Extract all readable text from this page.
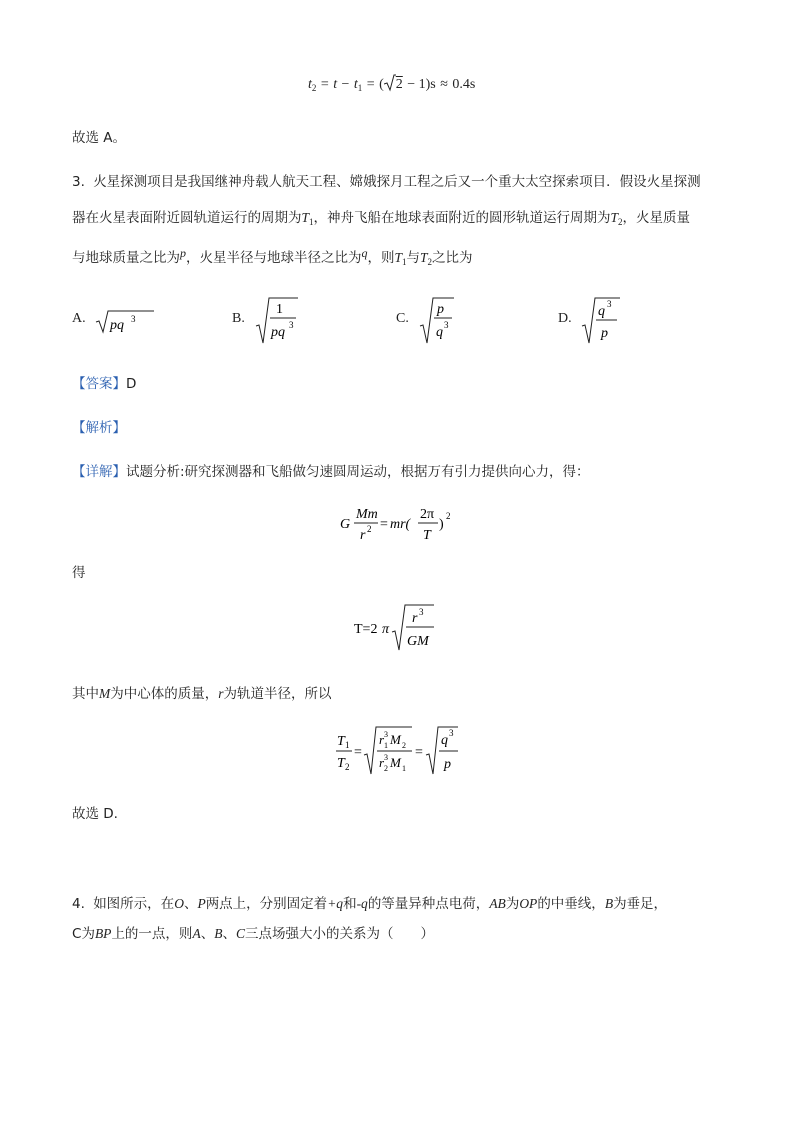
$t_2 = t - t_1$ = ( 2 − 1)s ≈ 0.4s
故选 A。
3. 火星探测项目是我国继神舟载人航天工程、嫦娥探月工程之后又一个重大太空探索项目．假设火星探测
器在火星表面附近圆轨道运行的周期为$T_1$，神舟飞船在地球表面附近的圆形轨道运行周期为$T_2$，火星质量
与地球质量之比为$^p$，火星半径与地球半径之比为$^q$，则$T_1$与$T_2$之比为
A. pq 3	B.
1
pq 3	C.
p
q 3	D. q 3
p
【答案】D
【解析】
【详解】试题分析:研究探测器和飞船做匀速圆周运动，根据万有引力提供向心力，得：
G
Mm
r 2 = mr(
2π
T
)
2
得
T=2 π
r 3
GM
其中M为中心体的质量，r为轨道半径，所以
T 1
T 2
=
r 3
1 M 2
r 3
2 M 1
=
q 3
p
故选 D.
4. 如图所示，在O、P两点上，分别固定着+q和-q的等量异种点电荷，AB为OP的中垂线，B为垂足，
C为BP上的一点，则A、B、C三点场强大小的关系为（　　）
